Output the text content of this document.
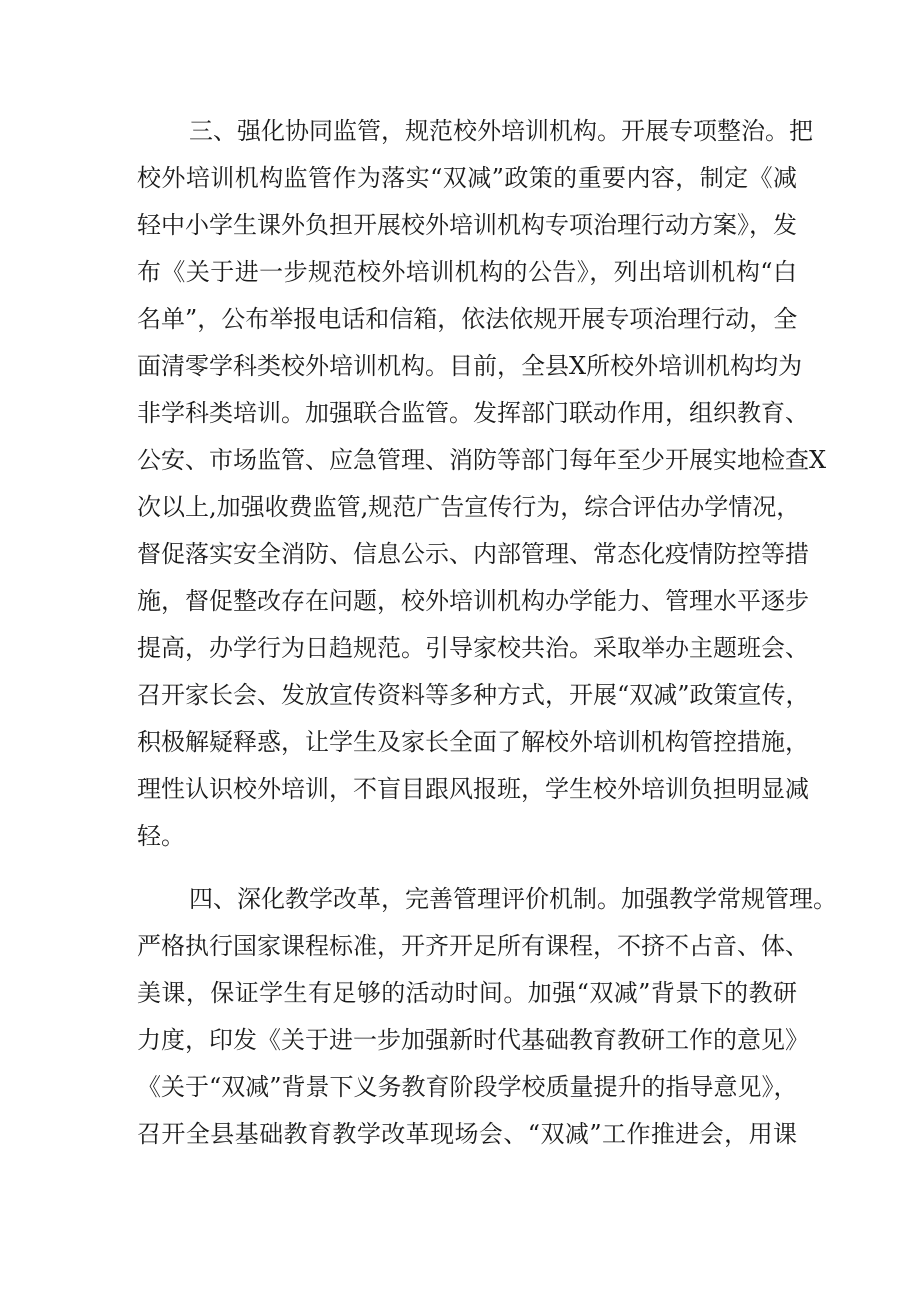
三、强化协同监管，规范校外培训机构。开展专项整治。把
校外培训机构监管作为落实“双减”政策的重要内容，制定《减
轻中小学生课外负担开展校外培训机构专项治理行动方案》，发
布《关于进一步规范校外培训机构的公告》，列出培训机构“白
名单”，公布举报电话和信箱，依法依规开展专项治理行动，全
面清零学科类校外培训机构。目前，全县X所校外培训机构均为
非学科类培训。加强联合监管。发挥部门联动作用，组织教育、
公安、市场监管、应急管理、消防等部门每年至少开展实地检查X
次以上,加强收费监管,规范广告宣传行为，综合评估办学情况，
督促落实安全消防、信息公示、内部管理、常态化疫情防控等措
施，督促整改存在问题，校外培训机构办学能力、管理水平逐步
提高，办学行为日趋规范。引导家校共治。采取举办主题班会、
召开家长会、发放宣传资料等多种方式，开展“双减”政策宣传，
积极解疑释惑，让学生及家长全面了解校外培训机构管控措施，
理性认识校外培训，不盲目跟风报班，学生校外培训负担明显减
轻。
四、深化教学改革，完善管理评价机制。加强教学常规管理。
严格执行国家课程标准，开齐开足所有课程，不挤不占音、体、
美课，保证学生有足够的活动时间。加强“双减”背景下的教研
力度，印发《关于进一步加强新时代基础教育教研工作的意见》
《关于“双减”背景下义务教育阶段学校质量提升的指导意见》，
召开全县基础教育教学改革现场会、“双减”工作推进会，用课
